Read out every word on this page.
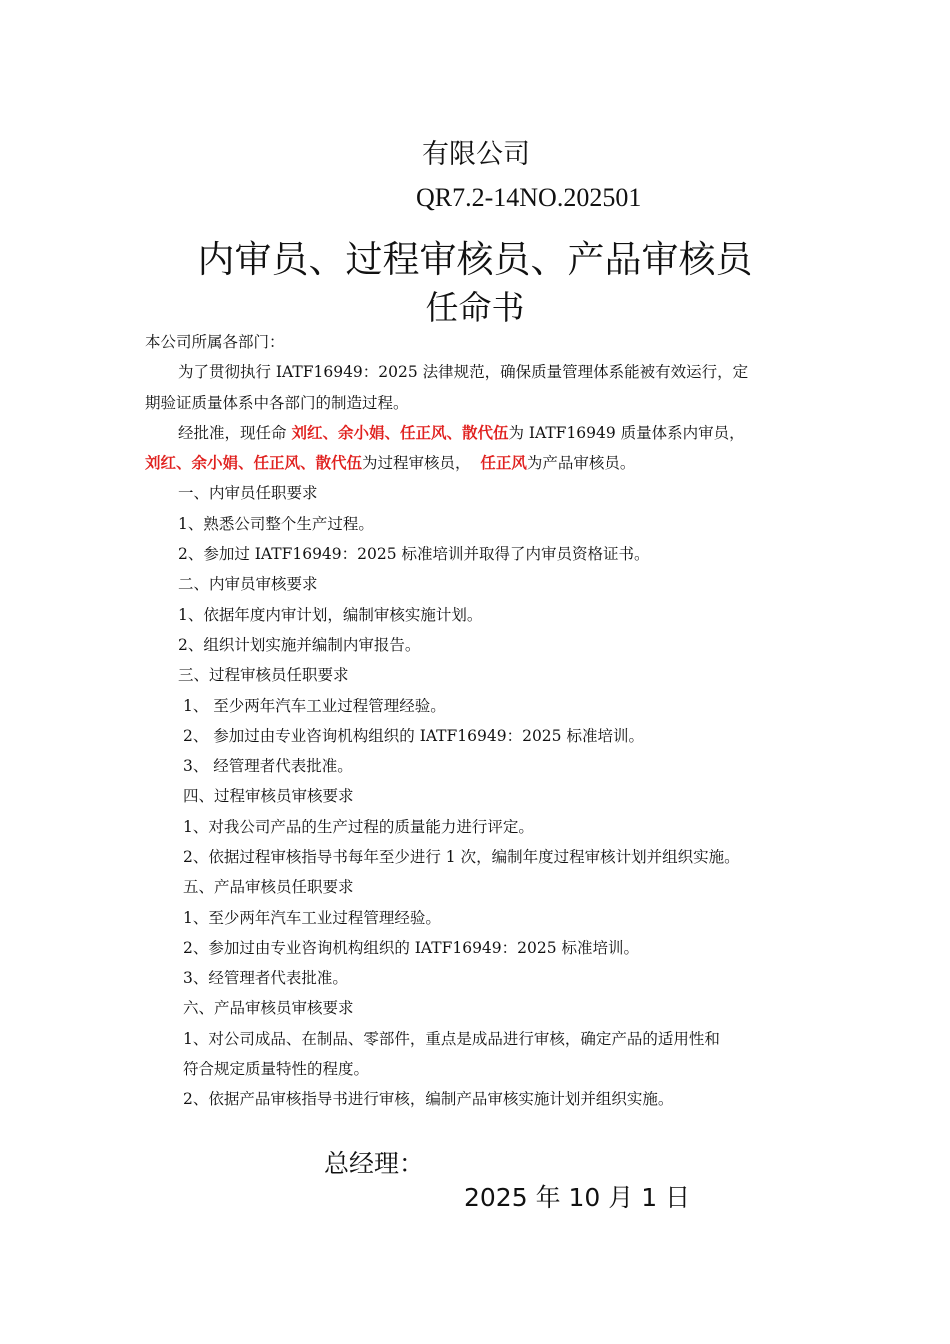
有限公司
QR7.2-14NO.202501
内审员、过程审核员、产品审核员
任命书
本公司所属各部门：
为了贯彻执行 IATF16949：2025 法律规范，确保质量管理体系能被有效运行，定
期验证质量体系中各部门的制造过程。
经批准，现任命 刘红、余小娟、任正风、散代伍为 IATF16949 质量体系内审员，
刘红、余小娟、任正风、散代伍为过程审核员，  任正风为产品审核员。
一、内审员任职要求
1、熟悉公司整个生产过程。
2、参加过 IATF16949：2025 标准培训并取得了内审员资格证书。
二、内审员审核要求
1、依据年度内审计划，编制审核实施计划。
2、组织计划实施并编制内审报告。
三、过程审核员任职要求
1、 至少两年汽车工业过程管理经验。
2、 参加过由专业咨询机构组织的 IATF16949：2025 标准培训。
3、 经管理者代表批准。
四、过程审核员审核要求
1、对我公司产品的生产过程的质量能力进行评定。
2、依据过程审核指导书每年至少进行 1 次，编制年度过程审核计划并组织实施。
五、产品审核员任职要求
1、至少两年汽车工业过程管理经验。
2、参加过由专业咨询机构组织的 IATF16949：2025 标准培训。
3、经管理者代表批准。
六、产品审核员审核要求
1、对公司成品、在制品、零部件，重点是成品进行审核，确定产品的适用性和
符合规定质量特性的程度。
2、依据产品审核指导书进行审核，编制产品审核实施计划并组织实施。
总经理：
2025 年 10 月 1 日
